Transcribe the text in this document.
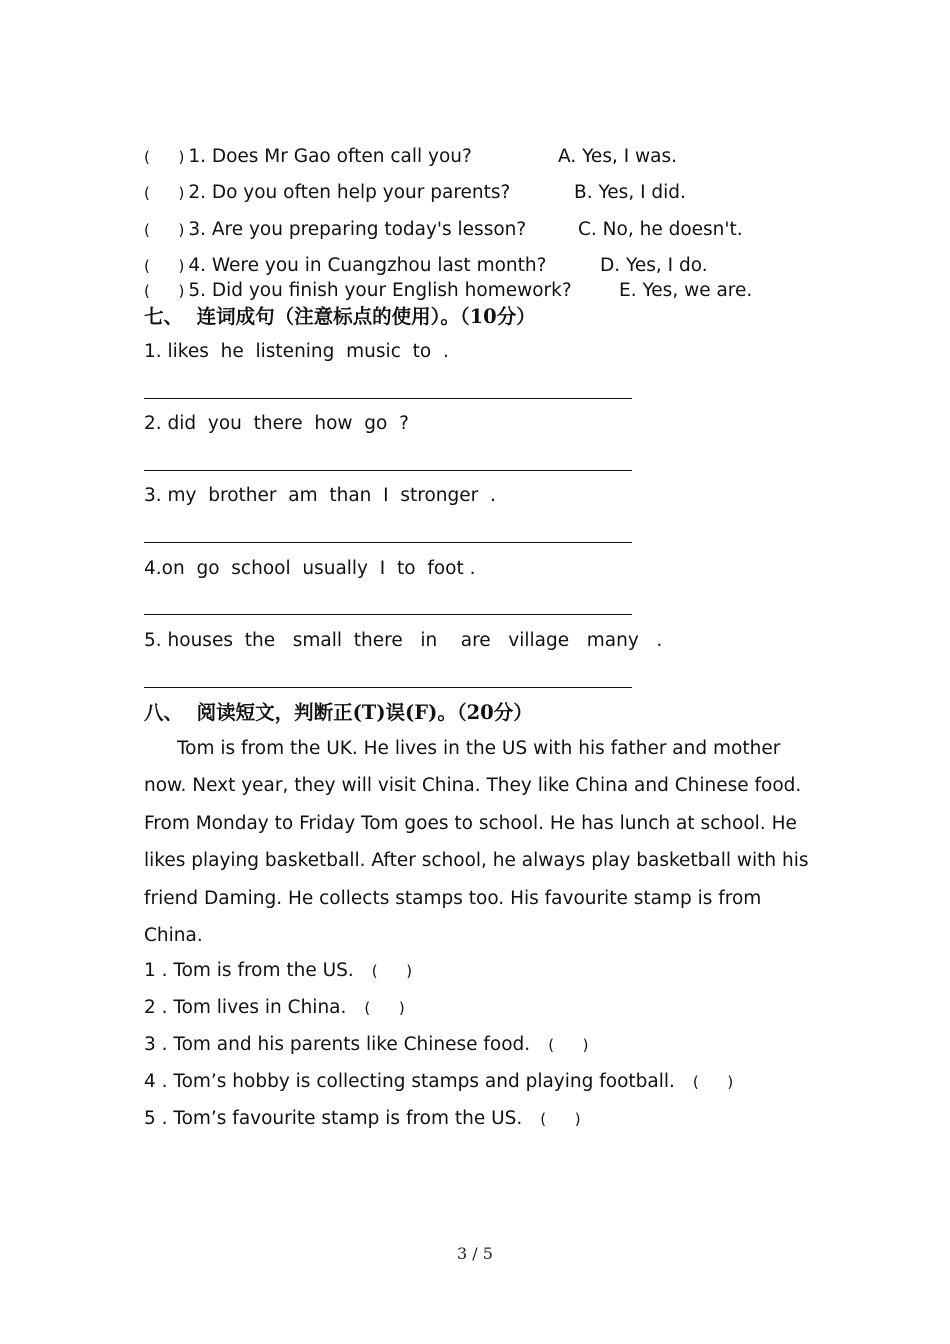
(      ) 1. Does Mr Gao often call you?	A. Yes, I was.
(      ) 2. Do you often help your parents?	B. Yes, I did.
(      ) 3. Are you preparing today's lesson?	C. No, he doesn't.
(      ) 4. Were you in Cuangzhou last month?	D. Yes, I do.
(      ) 5. Did you finish your English homework?	E. Yes, we are.
七、  连词成句（注意标点的使用）。（10分）
1. likes  he  listening  music  to  .
2. did  you  there  how  go  ?
3. my  brother  am  than  I  stronger  .
4.on  go  school  usually  I  to  foot .
5. houses  the   small  there   in    are   village   many   .
八、  阅读短文，判断正(T)误(F)。（20分）
Tom is from the UK. He lives in the US with his father and mother now. Next year, they will visit China. They like China and Chinese food. From Monday to Friday Tom goes to school. He has lunch at school. He likes playing basketball. After school, he always play basketball with his friend Daming. He collects stamps too. His favourite stamp is from China.
1 . Tom is from the US. (      )
2 . Tom lives in China. (      )
3 . Tom and his parents like Chinese food. (      )
4 . Tom’s hobby is collecting stamps and playing football. (      )
5 . Tom’s favourite stamp is from the US. (      )
3 / 5
